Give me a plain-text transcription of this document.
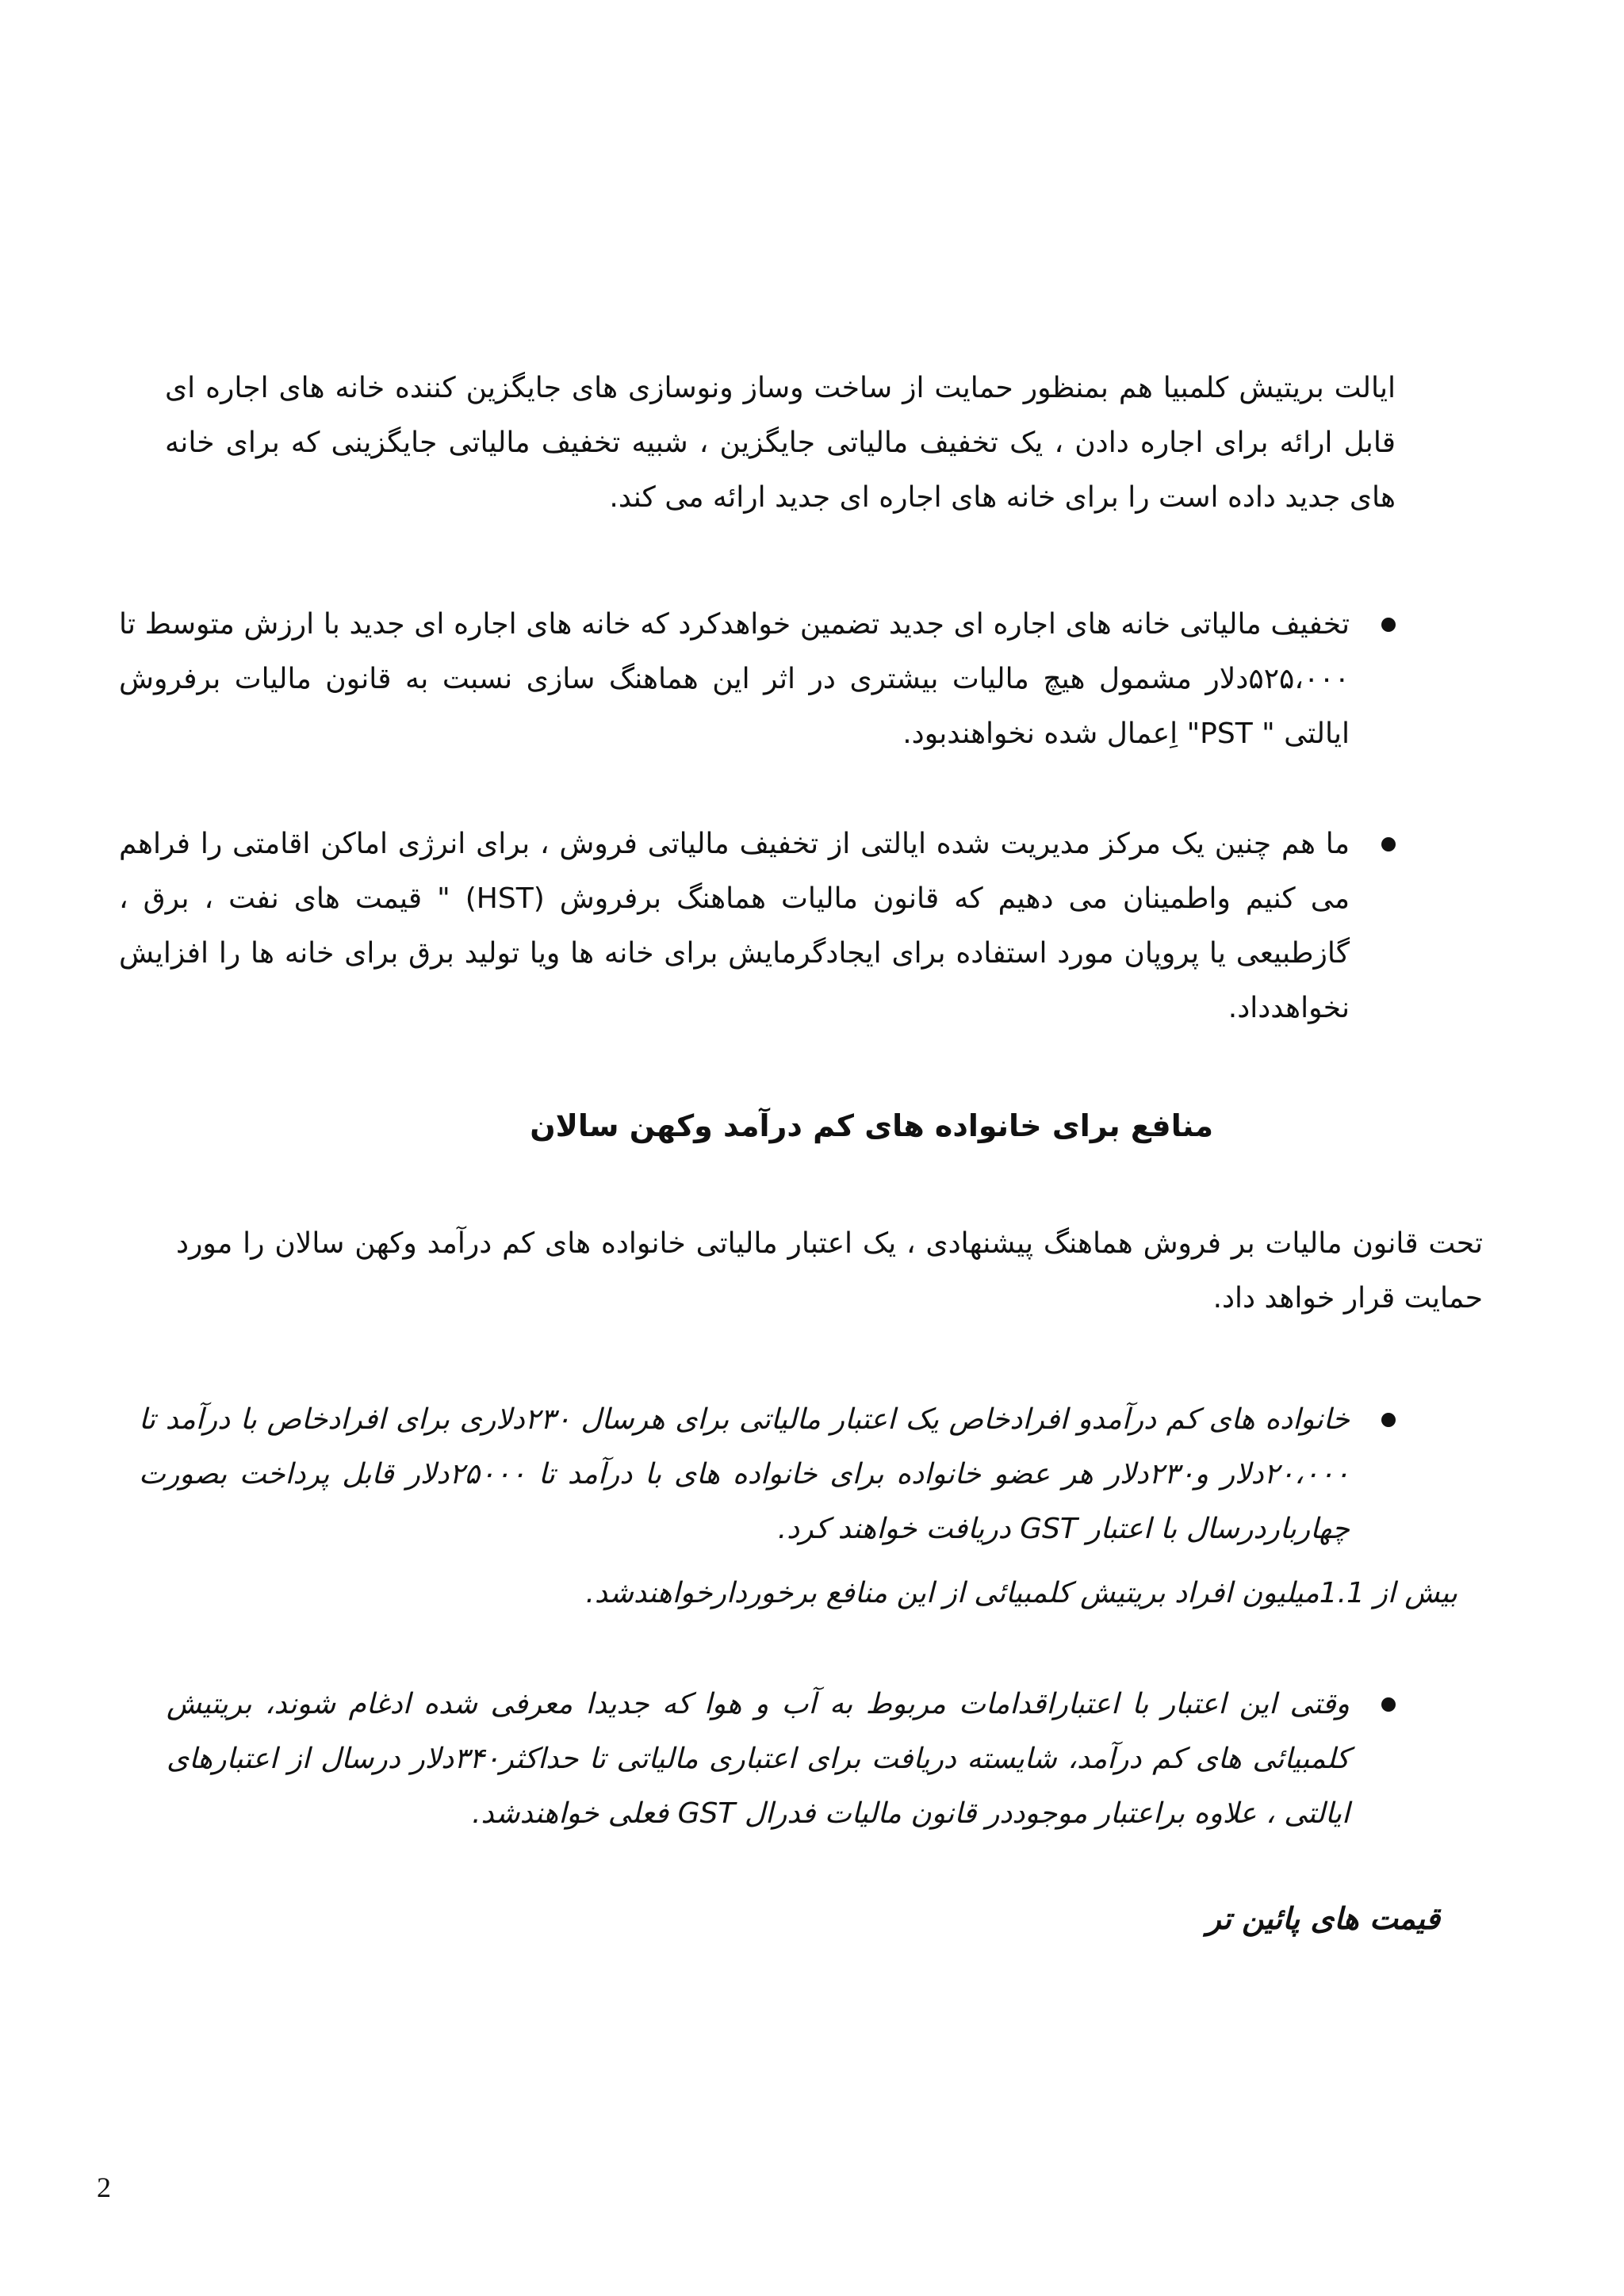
ایالت بریتیش کلمبیا هم بمنظور حمایت از ساخت وساز ونوسازی های جایگزین کننده خانه های اجاره ای قابل ارائه برای اجاره دادن ، یک تخفیف مالیاتی جایگزین ، شبیه تخفیف مالیاتی جایگزینی که برای خانه های جدید داده است را برای خانه های اجاره ای جدید ارائه می کند.

تخفیف مالیاتی خانه های اجاره ای جدید تضمین خواهدکرد که خانه های اجاره ای جدید با ارزش متوسط تا ۵۲۵،۰۰۰دلار مشمول هیچ مالیات بیشتری در اثر این هماهنگ سازی نسبت به قانون مالیات برفروش ایالتی " PST" اِعمال شده نخواهندبود.

ما هم چنین یک مرکز مدیریت شده ایالتی از تخفیف مالیاتی فروش ، برای انرژی اماکن اقامتی را فراهم می کنیم واطمینان می دهیم که قانون مالیات هماهنگ برفروش (HST) " قیمت های نفت ، برق ، گازطبیعی یا پروپان مورد استفاده برای ایجادگرمایش برای خانه ها ویا تولید برق برای خانه ها را افزایش نخواهدداد.

منافع برای خانواده های کم درآمد وکهن سالان

تحت قانون مالیات بر فروش هماهنگ پیشنهادی ، یک اعتبار مالیاتی خانواده های کم درآمد وکهن سالان را مورد حمایت قرار خواهد داد.

خانواده های کم درآمدو افرادخاص یک اعتبار مالیاتی برای هرسال ۲۳۰دلاری برای افرادخاص با درآمد تا ۲۰،۰۰۰دلار و۲۳۰دلار هر عضو خانواده برای خانواده های با درآمد تا ۲۵۰۰۰دلار قابل پرداخت بصورت چهارباردرسال با اعتبار GST دریافت خواهند کرد.

بیش از 1.1میلیون افراد بریتیش کلمبیائی از این منافع برخوردارخواهندشد.

وقتی این اعتبار با اعتباراقدامات مربوط به آب و هوا که جدیدا معرفی شده ادغام شوند، بریتیش کلمبیائی های کم درآمد، شایسته دریافت برای اعتباری مالیاتی تا حداکثر۳۴۰دلار درسال از اعتبارهای ایالتی ، علاوه براعتبار موجوددر قانون مالیات فدرال GST فعلی خواهندشد.

قیمت های پائین تر
2
